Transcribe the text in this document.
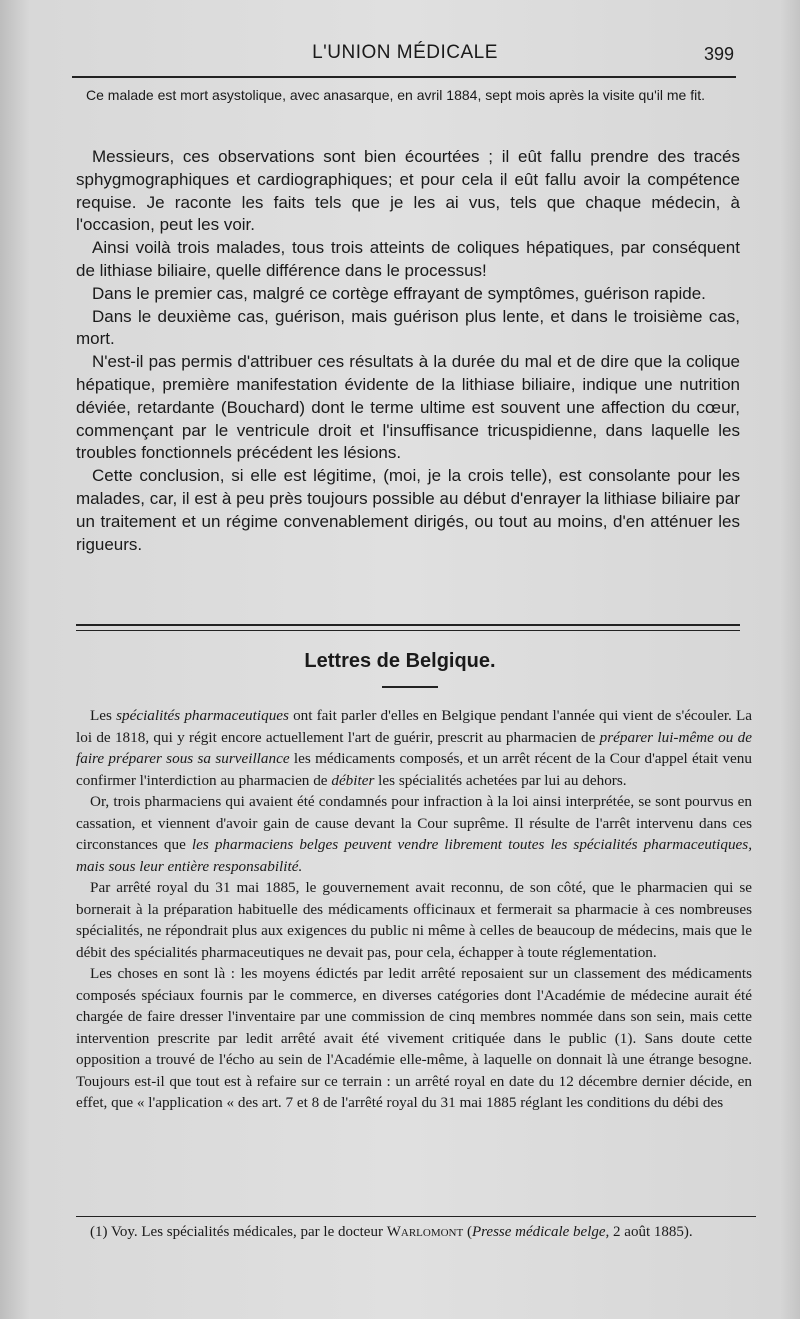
L'UNION MÉDICALE	399

Ce malade est mort asystolique, avec anasarque, en avril 1884, sept mois après la visite qu'il me fit.

Messieurs, ces observations sont bien écourtées ; il eût fallu prendre des tracés sphygmographiques et cardiographiques; et pour cela il eût fallu avoir la compétence requise. Je raconte les faits tels que je les ai vus, tels que chaque médecin, à l'occasion, peut les voir.

Ainsi voilà trois malades, tous trois atteints de coliques hépatiques, par conséquent de lithiase biliaire, quelle différence dans le processus!

Dans le premier cas, malgré ce cortège effrayant de symptômes, guérison rapide.

Dans le deuxième cas, guérison, mais guérison plus lente, et dans le troisième cas, mort.

N'est-il pas permis d'attribuer ces résultats à la durée du mal et de dire que la colique hépatique, première manifestation évidente de la lithiase biliaire, indique une nutrition déviée, retardante (Bouchard) dont le terme ultime est souvent une affection du cœur, commençant par le ventricule droit et l'insuffisance tricuspidienne, dans laquelle les troubles fonctionnels précédent les lésions.

Cette conclusion, si elle est légitime, (moi, je la crois telle), est consolante pour les malades, car, il est à peu près toujours possible au début d'enrayer la lithiase biliaire par un traitement et un régime convenablement dirigés, ou tout au moins, d'en atténuer les rigueurs.

Lettres de Belgique.

Les spécialités pharmaceutiques ont fait parler d'elles en Belgique pendant l'année qui vient de s'écouler. La loi de 1818, qui y régit encore actuellement l'art de guérir, prescrit au pharmacien de préparer lui-même ou de faire préparer sous sa surveillance les médicaments composés, et un arrêt récent de la Cour d'appel était venu confirmer l'interdiction au pharmacien de débiter les spécialités achetées par lui au dehors.

Or, trois pharmaciens qui avaient été condamnés pour infraction à la loi ainsi interprétée, se sont pourvus en cassation, et viennent d'avoir gain de cause devant la Cour suprême. Il résulte de l'arrêt intervenu dans ces circonstances que les pharmaciens belges peuvent vendre librement toutes les spécialités pharmaceutiques, mais sous leur entière responsabilité.

Par arrêté royal du 31 mai 1885, le gouvernement avait reconnu, de son côté, que le pharmacien qui se bornerait à la préparation habituelle des médicaments officinaux et fermerait sa pharmacie à ces nombreuses spécialités, ne répondrait plus aux exigences du public ni même à celles de beaucoup de médecins, mais que le débit des spécialités pharmaceutiques ne devait pas, pour cela, échapper à toute réglementation.

Les choses en sont là : les moyens édictés par ledit arrêté reposaient sur un classement des médicaments composés spéciaux fournis par le commerce, en diverses catégories dont l'Académie de médecine aurait été chargée de faire dresser l'inventaire par une commission de cinq membres nommée dans son sein, mais cette intervention prescrite par ledit arrêté avait été vivement critiquée dans le public (1). Sans doute cette opposition a trouvé de l'écho au sein de l'Académie elle-même, à laquelle on donnait là une étrange besogne. Toujours est-il que tout est à refaire sur ce terrain : un arrêté royal en date du 12 décembre dernier décide, en effet, que « l'application « des art. 7 et 8 de l'arrêté royal du 31 mai 1885 réglant les conditions du débi des

(1) Voy. Les spécialités médicales, par le docteur Warlomont (Presse médicale belge, 2 août 1885).
